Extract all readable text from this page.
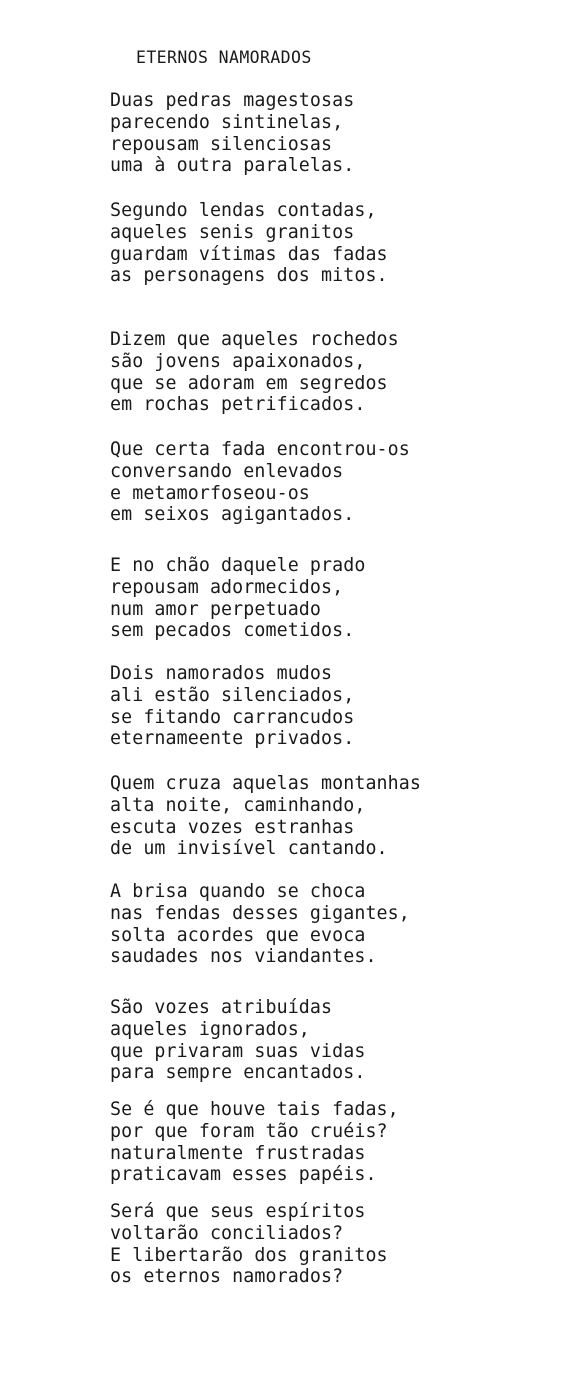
ETERNOS NAMORADOS
Duas pedras magestosas
parecendo sintinelas,
repousam silenciosas
uma à outra paralelas.
Segundo lendas contadas,
aqueles senis granitos
guardam vítimas das fadas
as personagens dos mitos.
Dizem que aqueles rochedos
são jovens apaixonados,
que se adoram em segredos
em rochas petrificados.
Que certa fada encontrou-os
conversando enlevados
e metamorfoseou-os
em seixos agigantados.
E no chão daquele prado
repousam adormecidos,
num amor perpetuado
sem pecados cometidos.
Dois namorados mudos
ali estão silenciados,
se fitando carrancudos
eternameente privados.
Quem cruza aquelas montanhas
alta noite, caminhando,
escuta vozes estranhas
de um invisível cantando.
A brisa quando se choca
nas fendas desses gigantes,
solta acordes que evoca
saudades nos viandantes.
São vozes atribuídas
aqueles ignorados,
que privaram suas vidas
para sempre encantados.
Se é que houve tais fadas,
por que foram tão cruéis?
naturalmente frustradas
praticavam esses papéis.
Será que seus espíritos
voltarão conciliados?
E libertarão dos granitos
os eternos namorados?
